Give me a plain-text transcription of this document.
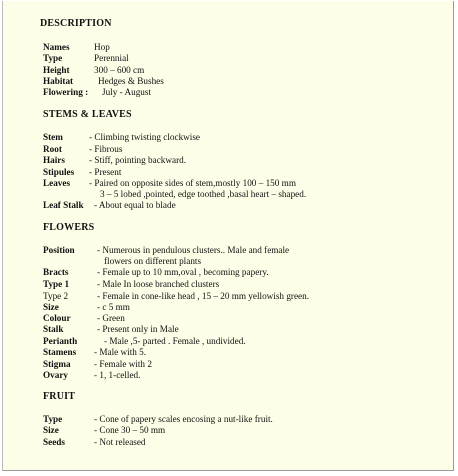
DESCRIPTION
Names	Hop
Type	Perennial
Height	300 – 600 cm
Habitat	Hedges & Bushes
Flowering : July - August
STEMS & LEAVES
Stem	- Climbing twisting clockwise
Root	- Fibrous
Hairs	- Stiff, pointing backward.
Stipules - Present
Leaves - Paired on opposite sides of stem,mostly 100 – 150 mm
3 – 5 lobed ,pointed, edge toothed ,basal heart – shaped.
Leaf Stalk - About equal to blade
FLOWERS
Position - Numerous in pendulous clusters.. Male and female
flowers on different plants
Bracts	- Female up to 10 mm,oval , becoming papery.
Type 1	- Male In loose branched clusters
Type 2	- Female in cone-like head , 15 – 20 mm yellowish green.
Size	- c 5 mm
Colour	- Green
Stalk	- Present only in Male
Perianth	- Male ,5- parted . Female , undivided.
Stamens - Male with 5.
Stigma	- Female with 2
Ovary	- 1, 1-celled.
FRUIT
Type	- Cone of papery scales encosing a nut-like fruit.
Size	- Cone 30 – 50 mm
Seeds	- Not released
